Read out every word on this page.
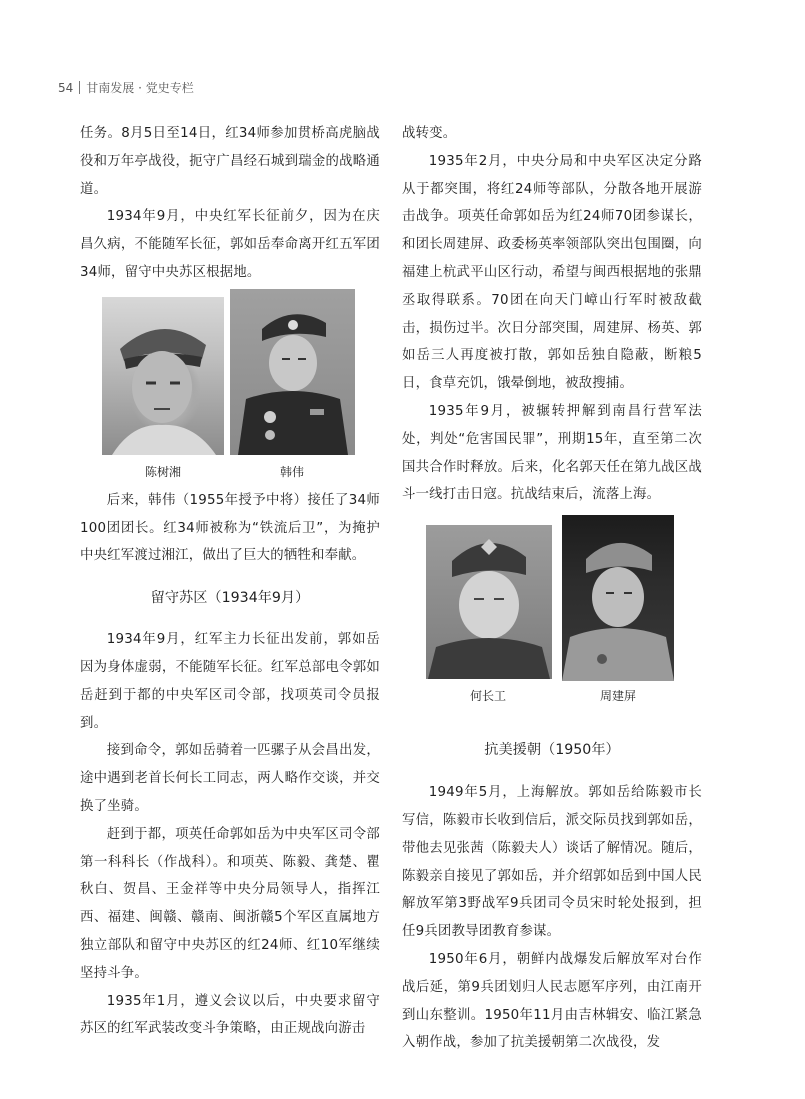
54 甘南发展 · 党史专栏

任务。8月5日至14日，红34师参加贯桥高虎脑战役和万年亭战役，扼守广昌经石城到瑞金的战略通道。

1934年9月，中央红军长征前夕，因为在庆昌久病，不能随军长征，郭如岳奉命离开红五军团34师，留守中央苏区根据地。

陈树湘	韩伟

后来，韩伟（1955年授予中将）接任了34师100团团长。红34师被称为“铁流后卫”，为掩护中央红军渡过湘江，做出了巨大的牺牲和奉献。

留守苏区（1934年9月）

1934年9月，红军主力长征出发前，郭如岳因为身体虚弱，不能随军长征。红军总部电令郭如岳赶到于都的中央军区司令部，找项英司令员报到。

接到命令，郭如岳骑着一匹骡子从会昌出发，途中遇到老首长何长工同志，两人略作交谈，并交换了坐骑。

赶到于都，项英任命郭如岳为中央军区司令部第一科科长（作战科）。和项英、陈毅、龚楚、瞿秋白、贺昌、王金祥等中央分局领导人，指挥江西、福建、闽赣、赣南、闽浙赣5个军区直属地方独立部队和留守中央苏区的红24师、红10军继续坚持斗争。

1935年1月，遵义会议以后，中央要求留守苏区的红军武装改变斗争策略，由正规战向游击

战转变。

1935年2月，中央分局和中央军区决定分路从于都突围，将红24师等部队，分散各地开展游击战争。项英任命郭如岳为红24师70团参谋长，和团长周建屏、政委杨英率领部队突出包围圈，向福建上杭武平山区行动，希望与闽西根据地的张鼎丞取得联系。70团在向天门嶂山行军时被敌截击，损伤过半。次日分部突围，周建屏、杨英、郭如岳三人再度被打散，郭如岳独自隐蔽，断粮5日，食草充饥，饿晕倒地，被敌搜捕。

1935年9月，被辗转押解到南昌行营军法处，判处“危害国民罪”，刑期15年，直至第二次国共合作时释放。后来，化名郭天任在第九战区战斗一线打击日寇。抗战结束后，流落上海。

何长工	周建屏
抗美援朝（1950年）

1949年5月，上海解放。郭如岳给陈毅市长写信，陈毅市长收到信后，派交际员找到郭如岳，带他去见张茜（陈毅夫人）谈话了解情况。随后，陈毅亲自接见了郭如岳，并介绍郭如岳到中国人民解放军第3野战军9兵团司令员宋时轮处报到，担任9兵团教导团教育参谋。

1950年6月，朝鲜内战爆发后解放军对台作战后延，第9兵团划归人民志愿军序列，由江南开到山东整训。1950年11月由吉林辑安、临江紧急入朝作战，参加了抗美援朝第二次战役，发
